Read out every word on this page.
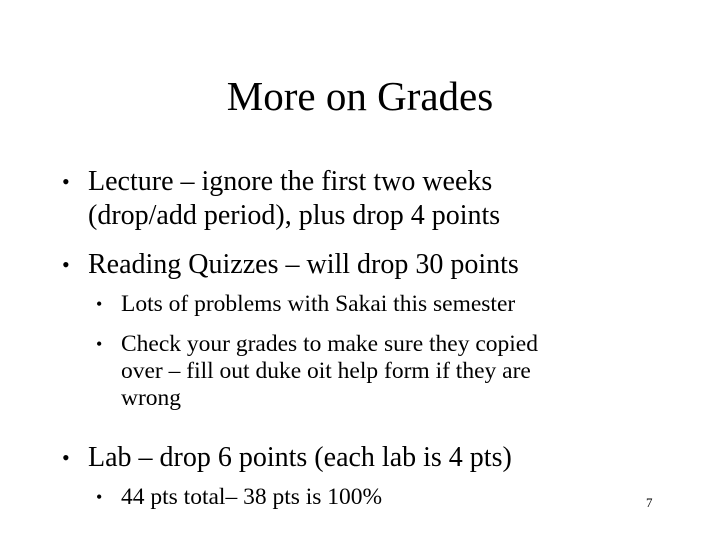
More on Grades
• Lecture – ignore the first two weeks
(drop/add period), plus drop 4 points
• Reading Quizzes – will drop 30 points
• Lots of problems with Sakai this semester
• Check your grades to make sure they copied
over – fill out duke oit help form if they are
wrong
• Lab – drop 6 points (each lab is 4 pts)
• 44 pts total– 38 pts is 100%	7
